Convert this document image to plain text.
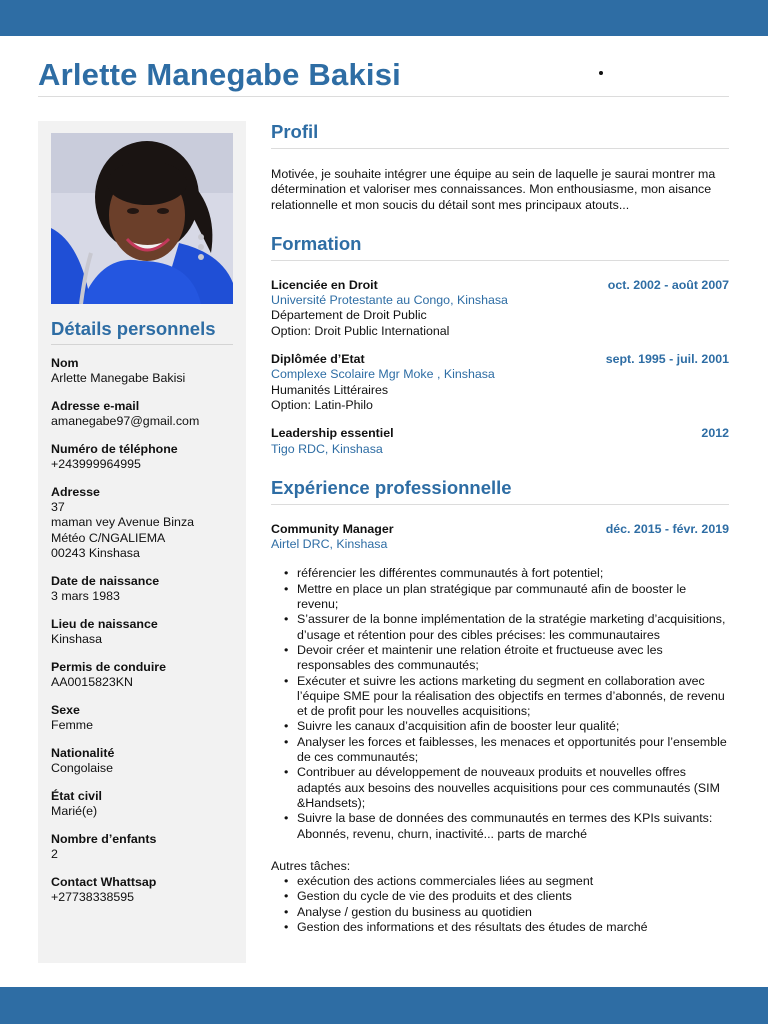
Arlette Manegabe Bakisi
Détails personnels
Nom
Arlette Manegabe Bakisi
Adresse e-mail
amanegabe97@gmail.com
Numéro de téléphone
+243999964995
Adresse
37
maman vey Avenue Binza
Météo C/NGALIEMA
00243 Kinshasa
Date de naissance
3 mars 1983
Lieu de naissance
Kinshasa
Permis de conduire
AA0015823KN
Sexe
Femme
Nationalité
Congolaise
État civil
Marié(e)
Nombre d’enfants
2
Contact Whattsap
+27738338595
Profil

Motivée, je souhaite intégrer une équipe au sein de laquelle je saurai montrer ma détermination et valoriser mes connaissances. Mon enthousiasme, mon aisance relationnelle et mon soucis du détail sont mes principaux atouts...

Formation
Licenciée en Droit	oct. 2002 - août 2007
Université Protestante au Congo, Kinshasa
Département de Droit Public
Option: Droit Public International
Diplômée d’Etat	sept. 1995 - juil. 2001
Complexe Scolaire Mgr Moke , Kinshasa
Humanités Littéraires
Option: Latin-Philo
Leadership essentiel	2012
Tigo RDC, Kinshasa
Expérience professionnelle
Community Manager	déc. 2015 - févr. 2019
Airtel DRC, Kinshasa
• référencier les différentes communautés à fort potentiel;
• Mettre en place un plan stratégique par communauté afin de booster le revenu;
• S’assurer de la bonne implémentation de la stratégie marketing d’acquisitions, d’usage et rétention pour des cibles précises: les communautaires
• Devoir créer et maintenir une relation étroite et fructueuse avec les responsables des communautés;
• Exécuter et suivre les actions marketing du segment en collaboration avec l’équipe SME pour la réalisation des objectifs en termes d’abonnés, de revenu et de profit pour les nouvelles acquisitions;
• Suivre les canaux d’acquisition afin de booster leur qualité;
• Analyser les forces et faiblesses, les menaces et opportunités pour l’ensemble de ces communautés;
• Contribuer au développement de nouveaux produits et nouvelles offres adaptés aux besoins des nouvelles acquisitions pour ces communautés (SIM &Handsets);
• Suivre la base de données des communautés en termes des KPIs suivants: Abonnés, revenu, churn, inactivité... parts de marché
Autres tâches:
• exécution des actions commerciales liées au segment
• Gestion du cycle de vie des produits et des clients
• Analyse / gestion du business au quotidien
• Gestion des informations et des résultats des études de marché
